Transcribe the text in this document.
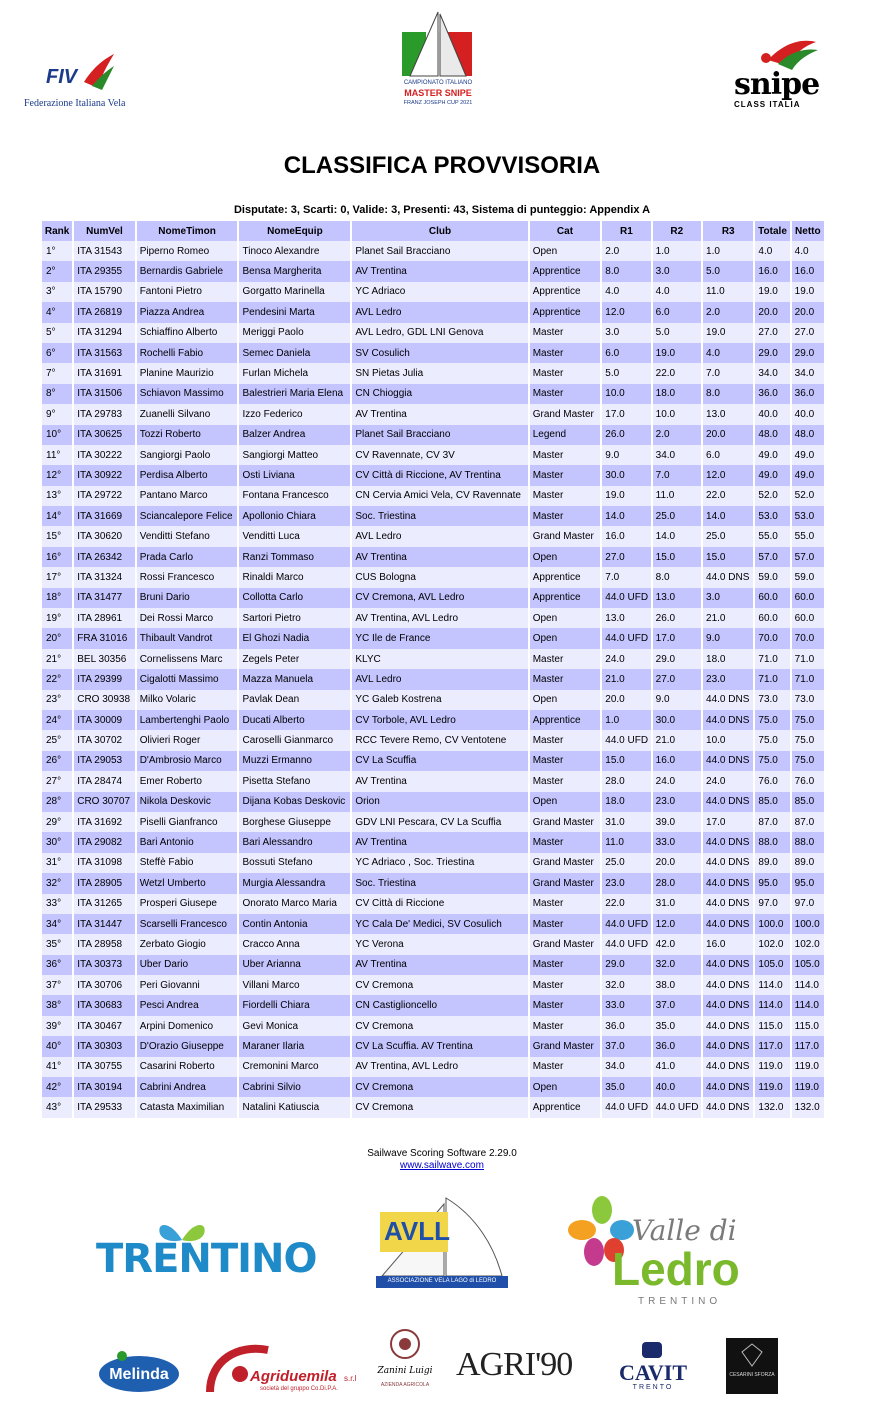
FIV
Federazione Italiana Vela
CAMPIONATO ITALIANO
MASTER SNIPE
FRANZ JOSEPH CUP 2021
snipe
CLASS ITALIA
CLASSIFICA PROVVISORIA
Disputate: 3, Scarti: 0, Valide: 3, Presenti: 43, Sistema di punteggio: Appendix A
Rank	NumVel	NomeTimon	NomeEquip	Club	Cat	R1	R2	R3	Totale	Netto
1°	ITA 31543	Piperno Romeo	Tinoco Alexandre	Planet Sail Bracciano	Open	2.0	1.0	1.0	4.0	4.0
2°	ITA 29355	Bernardis Gabriele	Bensa Margherita	AV Trentina	Apprentice	8.0	3.0	5.0	16.0	16.0
3°	ITA 15790	Fantoni Pietro	Gorgatto Marinella	YC Adriaco	Apprentice	4.0	4.0	11.0	19.0	19.0
4°	ITA 26819	Piazza Andrea	Pendesini Marta	AVL Ledro	Apprentice	12.0	6.0	2.0	20.0	20.0
5°	ITA 31294	Schiaffino Alberto	Meriggi Paolo	AVL Ledro, GDL LNI Genova	Master	3.0	5.0	19.0	27.0	27.0
6°	ITA 31563	Rochelli Fabio	Semec Daniela	SV Cosulich	Master	6.0	19.0	4.0	29.0	29.0
7°	ITA 31691	Planine Maurizio	Furlan Michela	SN Pietas Julia	Master	5.0	22.0	7.0	34.0	34.0
8°	ITA 31506	Schiavon Massimo	Balestrieri Maria Elena	CN Chioggia	Master	10.0	18.0	8.0	36.0	36.0
9°	ITA 29783	Zuanelli Silvano	Izzo Federico	AV Trentina	Grand Master	17.0	10.0	13.0	40.0	40.0
10°	ITA 30625	Tozzi Roberto	Balzer Andrea	Planet Sail Bracciano	Legend	26.0	2.0	20.0	48.0	48.0
11°	ITA 30222	Sangiorgi Paolo	Sangiorgi Matteo	CV Ravennate, CV 3V	Master	9.0	34.0	6.0	49.0	49.0
12°	ITA 30922	Perdisa Alberto	Osti Liviana	CV Città di Riccione, AV Trentina	Master	30.0	7.0	12.0	49.0	49.0
13°	ITA 29722	Pantano Marco	Fontana Francesco	CN Cervia Amici Vela, CV Ravennate	Master	19.0	11.0	22.0	52.0	52.0
14°	ITA 31669	Sciancalepore Felice	Apollonio Chiara	Soc. Triestina	Master	14.0	25.0	14.0	53.0	53.0
15°	ITA 30620	Venditti Stefano	Venditti Luca	AVL Ledro	Grand Master	16.0	14.0	25.0	55.0	55.0
16°	ITA 26342	Prada Carlo	Ranzi Tommaso	AV Trentina	Open	27.0	15.0	15.0	57.0	57.0
17°	ITA 31324	Rossi Francesco	Rinaldi Marco	CUS Bologna	Apprentice	7.0	8.0	44.0 DNS	59.0	59.0
18°	ITA 31477	Bruni Dario	Collotta Carlo	CV Cremona, AVL Ledro	Apprentice	44.0 UFD	13.0	3.0	60.0	60.0
19°	ITA 28961	Dei Rossi Marco	Sartori Pietro	AV Trentina, AVL Ledro	Open	13.0	26.0	21.0	60.0	60.0
20°	FRA 31016	Thibault Vandrot	El Ghozi Nadia	YC Ile de France	Open	44.0 UFD	17.0	9.0	70.0	70.0
21°	BEL 30356	Cornelissens Marc	Zegels Peter	KLYC	Master	24.0	29.0	18.0	71.0	71.0
22°	ITA 29399	Cigalotti Massimo	Mazza Manuela	AVL Ledro	Master	21.0	27.0	23.0	71.0	71.0
23°	CRO 30938	Milko Volaric	Pavlak Dean	YC Galeb Kostrena	Open	20.0	9.0	44.0 DNS	73.0	73.0
24°	ITA 30009	Lambertenghi Paolo	Ducati Alberto	CV Torbole, AVL Ledro	Apprentice	1.0	30.0	44.0 DNS	75.0	75.0
25°	ITA 30702	Olivieri Roger	Caroselli Gianmarco	RCC Tevere Remo, CV Ventotene	Master	44.0 UFD	21.0	10.0	75.0	75.0
26°	ITA 29053	D'Ambrosio Marco	Muzzi Ermanno	CV La Scuffia	Master	15.0	16.0	44.0 DNS	75.0	75.0
27°	ITA 28474	Emer Roberto	Pisetta Stefano	AV Trentina	Master	28.0	24.0	24.0	76.0	76.0
28°	CRO 30707	Nikola Deskovic	Dijana Kobas Deskovic	Orion	Open	18.0	23.0	44.0 DNS	85.0	85.0
29°	ITA 31692	Piselli Gianfranco	Borghese Giuseppe	GDV LNI Pescara, CV La Scuffia	Grand Master	31.0	39.0	17.0	87.0	87.0
30°	ITA 29082	Bari Antonio	Bari Alessandro	AV Trentina	Master	11.0	33.0	44.0 DNS	88.0	88.0
31°	ITA 31098	Steffè Fabio	Bossuti Stefano	YC Adriaco , Soc. Triestina	Grand Master	25.0	20.0	44.0 DNS	89.0	89.0
32°	ITA 28905	Wetzl Umberto	Murgia Alessandra	Soc. Triestina	Grand Master	23.0	28.0	44.0 DNS	95.0	95.0
33°	ITA 31265	Prosperi Giusepe	Onorato Marco Maria	CV Città di Riccione	Master	22.0	31.0	44.0 DNS	97.0	97.0
34°	ITA 31447	Scarselli Francesco	Contin Antonia	YC Cala De' Medici, SV Cosulich	Master	44.0 UFD	12.0	44.0 DNS	100.0	100.0
35°	ITA 28958	Zerbato Giogio	Cracco Anna	YC Verona	Grand Master	44.0 UFD	42.0	16.0	102.0	102.0
36°	ITA 30373	Uber Dario	Uber Arianna	AV Trentina	Master	29.0	32.0	44.0 DNS	105.0	105.0
37°	ITA 30706	Peri Giovanni	Villani Marco	CV Cremona	Master	32.0	38.0	44.0 DNS	114.0	114.0
38°	ITA 30683	Pesci Andrea	Fiordelli Chiara	CN Castiglioncello	Master	33.0	37.0	44.0 DNS	114.0	114.0
39°	ITA 30467	Arpini Domenico	Gevi Monica	CV Cremona	Master	36.0	35.0	44.0 DNS	115.0	115.0
40°	ITA 30303	D'Orazio Giuseppe	Maraner Ilaria	CV La Scuffia. AV Trentina	Grand Master	37.0	36.0	44.0 DNS	117.0	117.0
41°	ITA 30755	Casarini Roberto	Cremonini Marco	AV Trentina, AVL Ledro	Master	34.0	41.0	44.0 DNS	119.0	119.0
42°	ITA 30194	Cabrini Andrea	Cabrini Silvio	CV Cremona	Open	35.0	40.0	44.0 DNS	119.0	119.0
43°	ITA 29533	Catasta Maximilian	Natalini Katiuscia	CV Cremona	Apprentice	44.0 UFD	44.0 UFD	44.0 DNS	132.0	132.0
Sailwave Scoring Software 2.29.0
www.sailwave.com
TRENTINO
AVLL
ASSOCIAZIONE VELA LAGO di LEDRO
Valle di
Ledro
TRENTINO
Melinda	Agriduemila s.r.l
società del gruppo Co.Di.P.A.
Zanini Luigi
AZIENDA AGRICOLA
AGRI'90	CAVIT
TRENTO
CESARINI SFORZA
